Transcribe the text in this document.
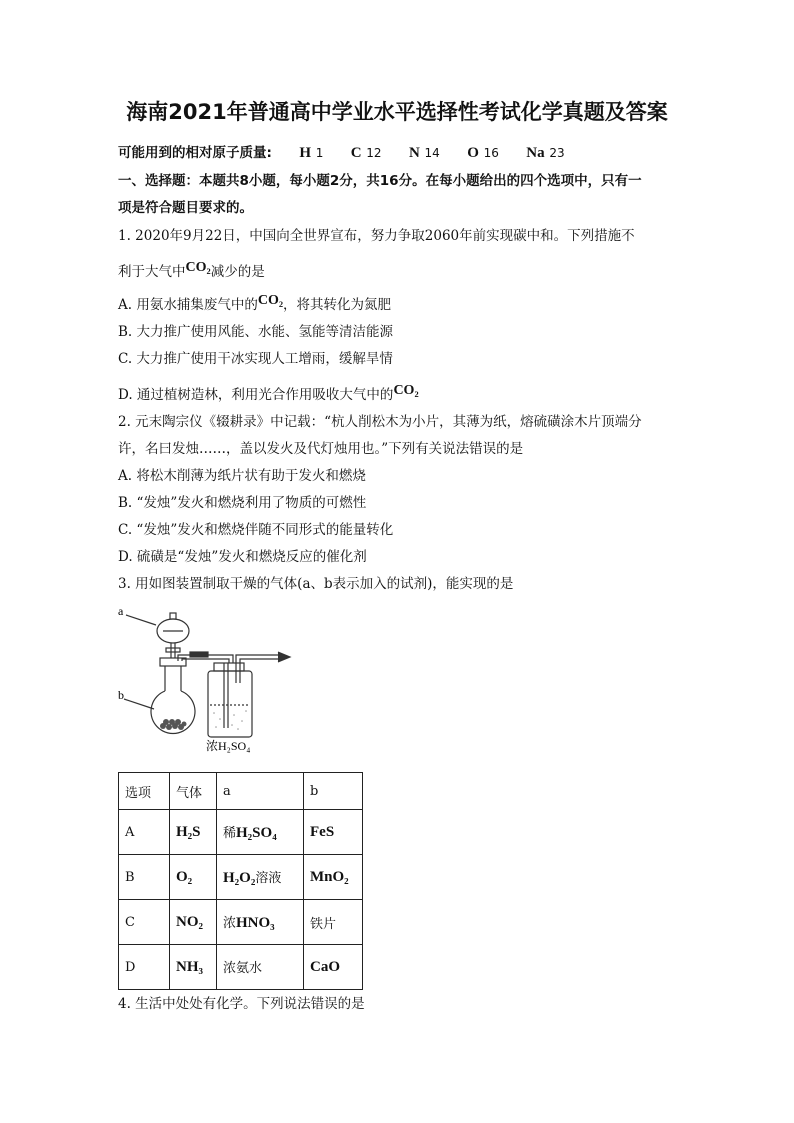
海南2021年普通高中学业水平选择性考试化学真题及答案
可能用到的相对原子质量: H 1 C 12 N 14 O 16 Na 23
一、选择题：本题共8小题，每小题2分，共16分。在每小题给出的四个选项中，只有一
项是符合题目要求的。
1. 2020年9月22日，中国向全世界宣布，努力争取2060年前实现碳中和。下列措施不
利于大气中CO₂减少的是
A. 用氨水捕集废气中的CO₂，将其转化为氮肥
B. 大力推广使用风能、水能、氢能等清洁能源
C. 大力推广使用干冰实现人工增雨，缓解旱情
D. 通过植树造林，利用光合作用吸收大气中的CO₂
2. 元末陶宗仪《辍耕录》中记载：“杭人削松木为小片，其薄为纸，熔硫磺涂木片顶端分
许，名曰发烛……，盖以发火及代灯烛用也。”下列有关说法错误的是
A. 将松木削薄为纸片状有助于发火和燃烧
B. “发烛”发火和燃烧利用了物质的可燃性
C. “发烛”发火和燃烧伴随不同形式的能量转化
D. 硫磺是“发烛”发火和燃烧反应的催化剂
3. 用如图装置制取干燥的气体(a、b表示加入的试剂)，能实现的是
a
b
浓H₂SO₄
选项	气体	a	b
A	H₂S	稀H₂SO₄	FeS
B	O₂	H₂O₂溶液	MnO₂
C	NO₂	浓HNO₃	铁片
D	NH₃	浓氨水	CaO
4. 生活中处处有化学。下列说法错误的是
